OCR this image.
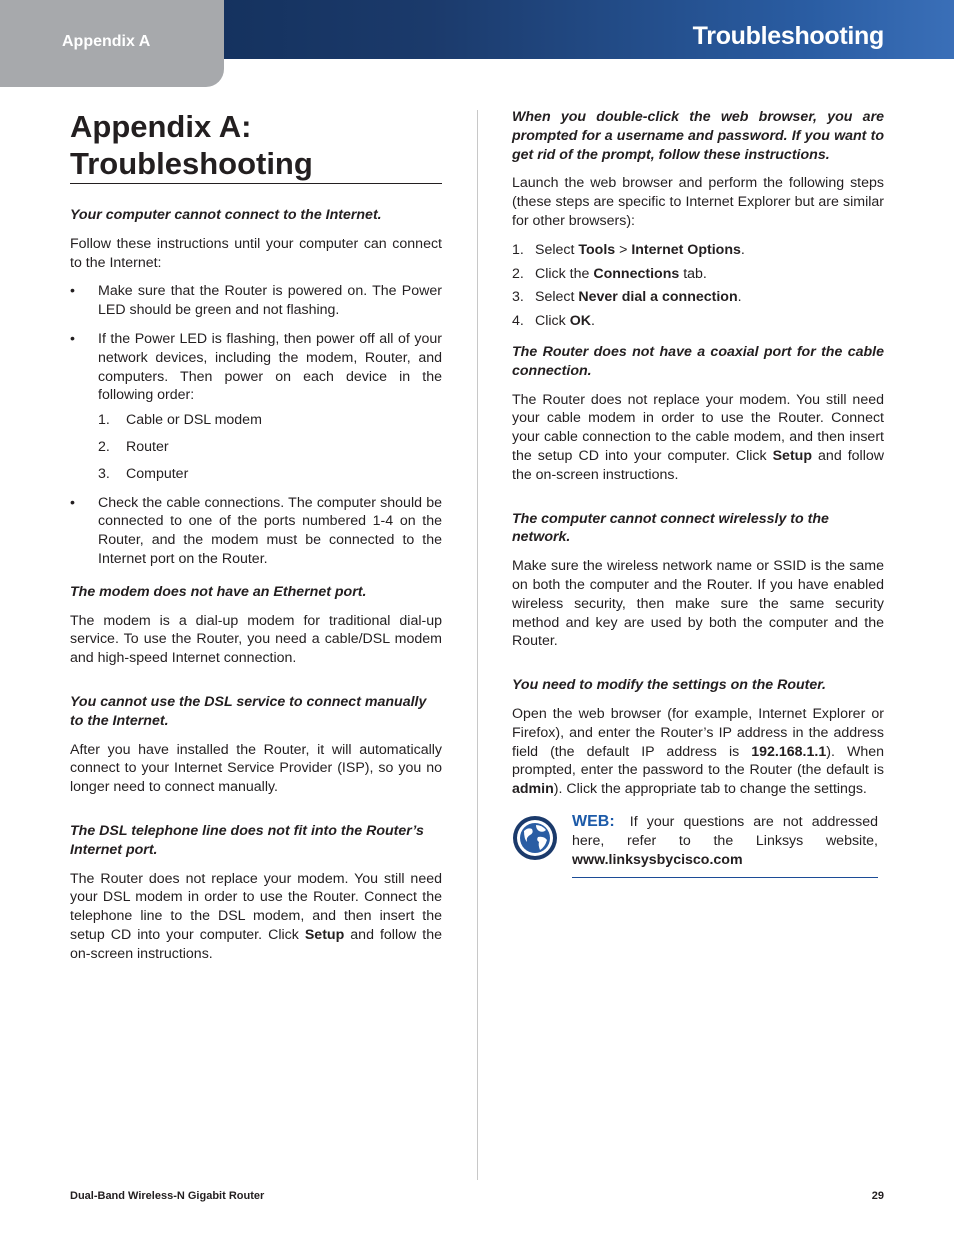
Appendix A	Troubleshooting
Appendix A:
Troubleshooting
Your computer cannot connect to the Internet.

Follow these instructions until your computer can connect to the Internet:

• Make sure that the Router is powered on. The Power LED should be green and not flashing.
• If the Power LED is flashing, then power off all of your network devices, including the modem, Router, and computers. Then power on each device in the following order:
1. Cable or DSL modem
2. Router
3. Computer
• Check the cable connections. The computer should be connected to one of the ports numbered 1-4 on the Router, and the modem must be connected to the Internet port on the Router.
The modem does not have an Ethernet port.

The modem is a dial-up modem for traditional dial-up service. To use the Router, you need a cable/DSL modem and high-speed Internet connection.

You cannot use the DSL service to connect manually to the Internet.

After you have installed the Router, it will automatically connect to your Internet Service Provider (ISP), so you no longer need to connect manually.

The DSL telephone line does not fit into the Router’s Internet port.

The Router does not replace your modem. You still need your DSL modem in order to use the Router. Connect the telephone line to the DSL modem, and then insert the setup CD into your computer. Click Setup and follow the on-screen instructions.

When you double-click the web browser, you are prompted for a username and password. If you want to get rid of the prompt, follow these instructions.

Launch the web browser and perform the following steps (these steps are specific to Internet Explorer but are similar for other browsers):

1. Select Tools > Internet Options.
2. Click the Connections tab.
3. Select Never dial a connection.
4. Click OK.
The Router does not have a coaxial port for the cable connection.

The Router does not replace your modem. You still need your cable modem in order to use the Router. Connect your cable connection to the cable modem, and then insert the setup CD into your computer. Click Setup and follow the on-screen instructions.

The computer cannot connect wirelessly to the network.

Make sure the wireless network name or SSID is the same on both the computer and the Router. If you have enabled wireless security, then make sure the same security method and key are used by both the computer and the Router.

You need to modify the settings on the Router.

Open the web browser (for example, Internet Explorer or Firefox), and enter the Router’s IP address in the address field (the default IP address is 192.168.1.1). When prompted, enter the password to the Router (the default is admin). Click the appropriate tab to change the settings.

WEB: If your questions are not addressed here, refer to the Linksys website, www.linksysbycisco.com
Dual-Band Wireless-N Gigabit Router	29
